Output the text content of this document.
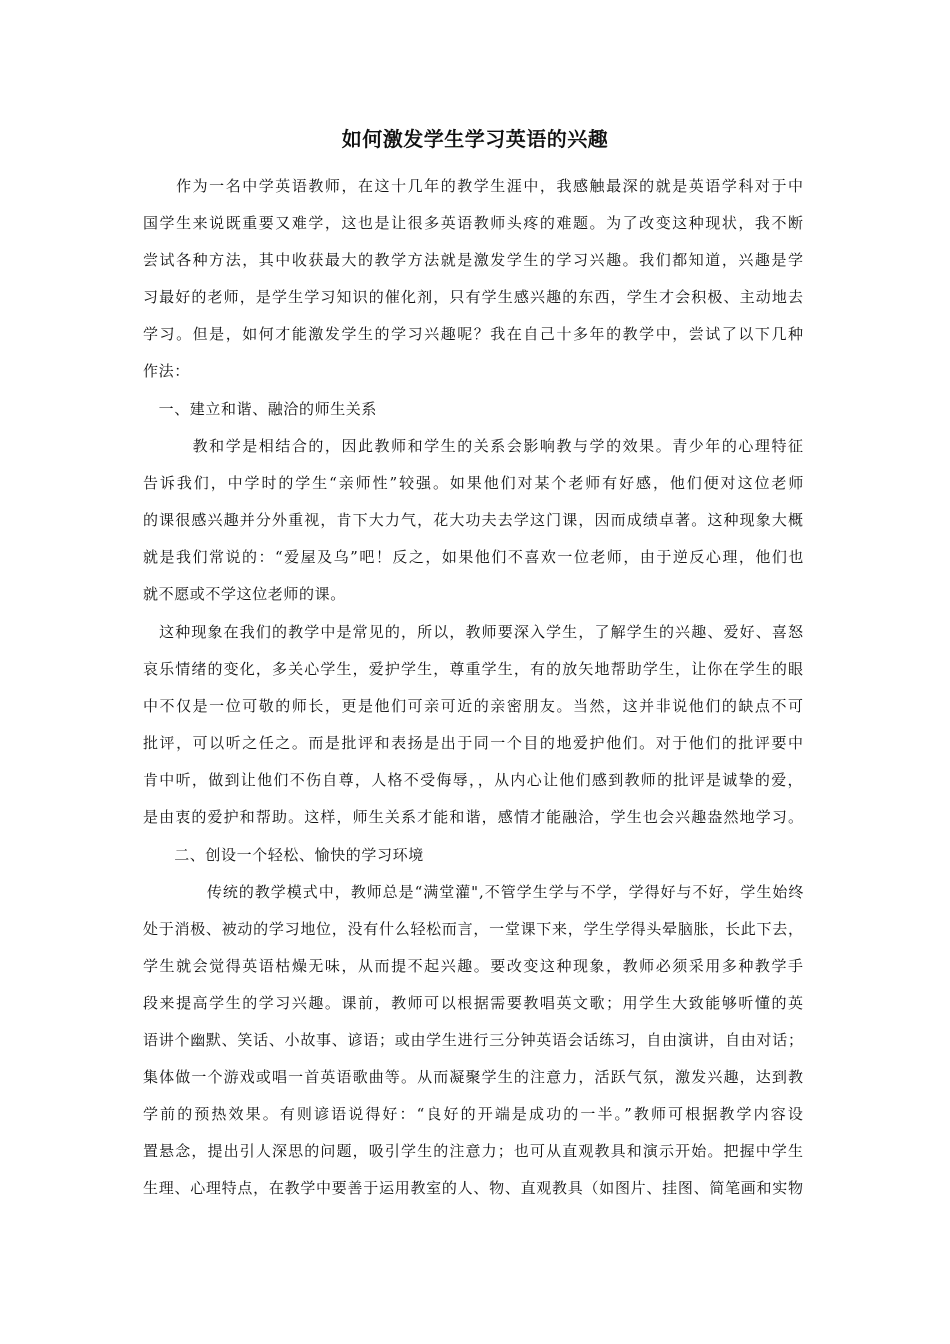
如何激发学生学习英语的兴趣
　　作为一名中学英语教师，在这十几年的教学生涯中，我感触最深的就是英语学科对于中
国学生来说既重要又难学，这也是让很多英语教师头疼的难题。为了改变这种现状，我不断
尝试各种方法，其中收获最大的教学方法就是激发学生的学习兴趣。我们都知道，兴趣是学
习最好的老师，是学生学习知识的催化剂，只有学生感兴趣的东西，学生才会积极、主动地去
学习。但是，如何才能激发学生的学习兴趣呢？我在自己十多年的教学中，尝试了以下几种
作法：
　一、建立和谐、融洽的师生关系
　　　教和学是相结合的，因此教师和学生的关系会影响教与学的效果。青少年的心理特征
告诉我们，中学时的学生“亲师性”较强。如果他们对某个老师有好感，他们便对这位老师
的课很感兴趣并分外重视，肯下大力气，花大功夫去学这门课，因而成绩卓著。这种现象大概
就是我们常说的：“爱屋及乌”吧！反之，如果他们不喜欢一位老师，由于逆反心理，他们也
就不愿或不学这位老师的课。
　这种现象在我们的教学中是常见的，所以，教师要深入学生，了解学生的兴趣、爱好、喜怒
哀乐情绪的变化，多关心学生，爱护学生，尊重学生，有的放矢地帮助学生，让你在学生的眼
中不仅是一位可敬的师长，更是他们可亲可近的亲密朋友。当然，这并非说他们的缺点不可
批评，可以听之任之。而是批评和表扬是出于同一个目的地爱护他们。对于他们的批评要中
肯中听，做到让他们不伤自尊，人格不受侮辱，，从内心让他们感到教师的批评是诚挚的爱，
是由衷的爱护和帮助。这样，师生关系才能和谐，感情才能融洽，学生也会兴趣盎然地学习。
　　二、创设一个轻松、愉快的学习环境
　　　　传统的教学模式中，教师总是“满堂灌",不管学生学与不学，学得好与不好，学生始终
处于消极、被动的学习地位，没有什么轻松而言，一堂课下来，学生学得头晕脑胀，长此下去，
学生就会觉得英语枯燥无味，从而提不起兴趣。要改变这种现象，教师必须采用多种教学手
段来提高学生的学习兴趣。课前，教师可以根据需要教唱英文歌；用学生大致能够听懂的英
语讲个幽默、笑话、小故事、谚语；或由学生进行三分钟英语会话练习，自由演讲，自由对话；
集体做一个游戏或唱一首英语歌曲等。从而凝聚学生的注意力，活跃气氛，激发兴趣，达到教
学前的预热效果。有则谚语说得好：“良好的开端是成功的一半。”教师可根据教学内容设
置悬念，提出引人深思的问题，吸引学生的注意力；也可从直观教具和演示开始。把握中学生
生理、心理特点，在教学中要善于运用教室的人、物、直观教具（如图片、挂图、简笔画和实物
